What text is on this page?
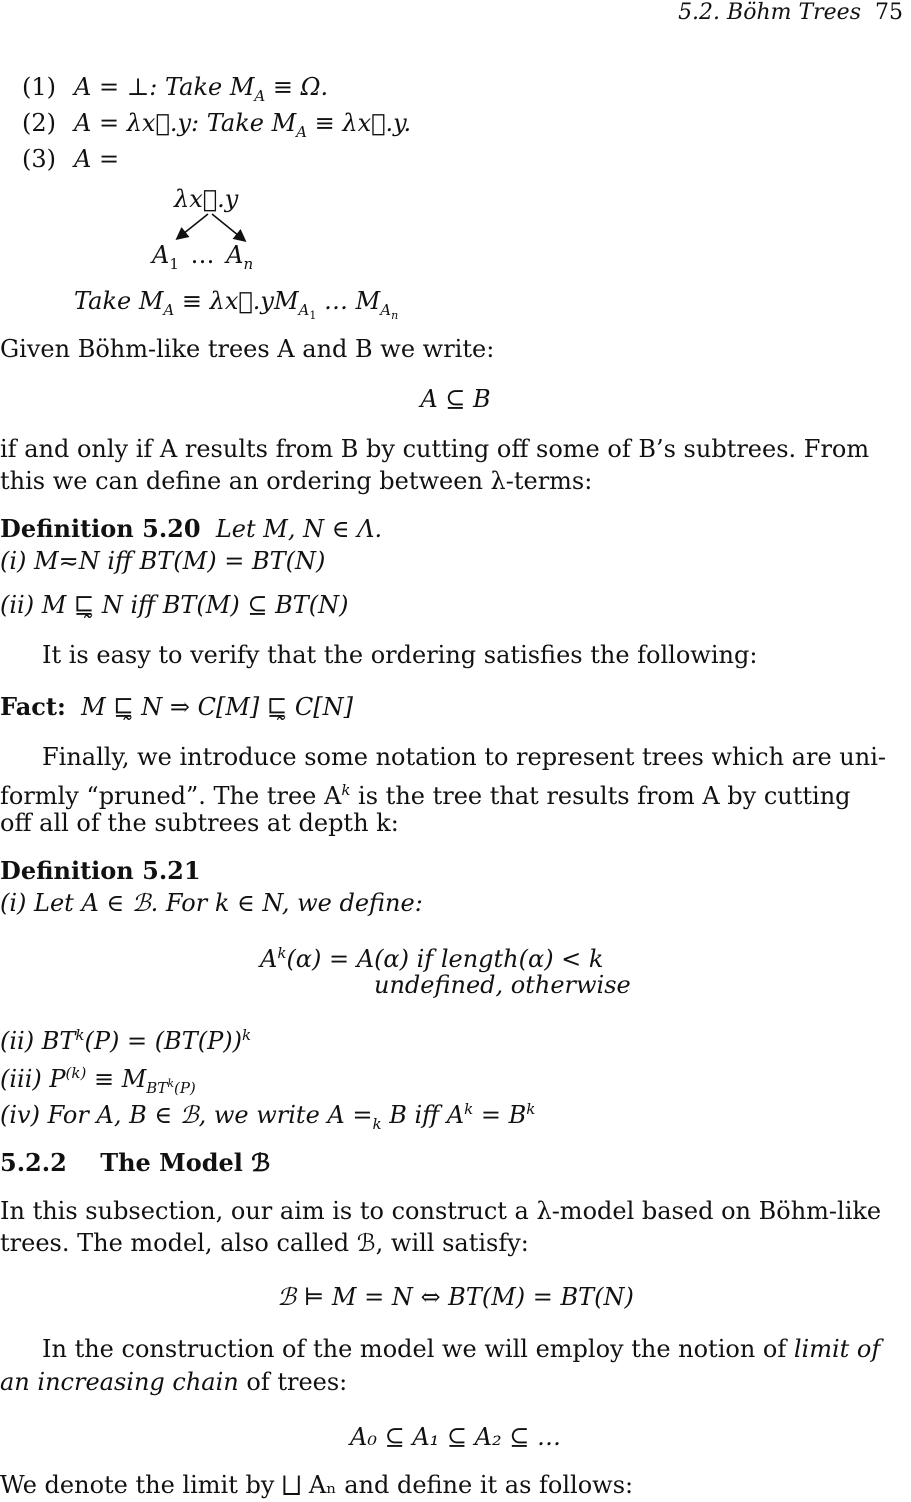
5.2. Böhm Trees 75
(1) A = ⊥: Take $M_A \equiv \Omega$.
(2) A = λx⃗.y: Take $M_A$ ≡ λx⃗.y.
(3) A =
λx⃗.y
$A_1$ … $A_n$
Take $M_A$ ≡ $\lambda x⃗.yM_{A_1}$ … $M_{A_n}$
Given Böhm-like trees A and B we write:
A ⊆ B
if and only if A results from B by cutting off some of B’s subtrees. From
this we can define an ordering between λ-terms:
Definition 5.20 Let M, N ∈ Λ.
(i) M≂N iff BT(M) = BT(N)
(ii) M ⊑̰ N iff BT(M) ⊆ BT(N)
It is easy to verify that the ordering satisfies the following:
Fact: M ⊑̰ N ⇒ C[M] ⊑̰ C[N]
Finally, we introduce some notation to represent trees which are uni-
formly “pruned”. The tree $A^k$ is the tree that results from A by cutting
off all of the subtrees at depth k:
Definition 5.21
(i) Let A ∈ ℬ. For k ∈ N, we define:
$A^k(\alpha) = A(\alpha)$ if length(α) < k
undefined, otherwise
(ii) $BT^k(P) = (BT(P))^k$
(iii) $P^{(k)} \equiv M_{BT^k(P)}$
(iv) For A, B ∈ ℬ, we write $A =_k$ B iff $A^k = B^k$
5.2.2 The Model ℬ
In this subsection, our aim is to construct a λ-model based on Böhm-like
trees. The model, also called ℬ, will satisfy:
ℬ ⊨ M = N ⇔ BT(M) = BT(N)
In the construction of the model we will employ the notion of limit of
an increasing chain of trees:
A₀ ⊆ A₁ ⊆ A₂ ⊆ …
We denote the limit by ⨆ Aₙ and define it as follows:
